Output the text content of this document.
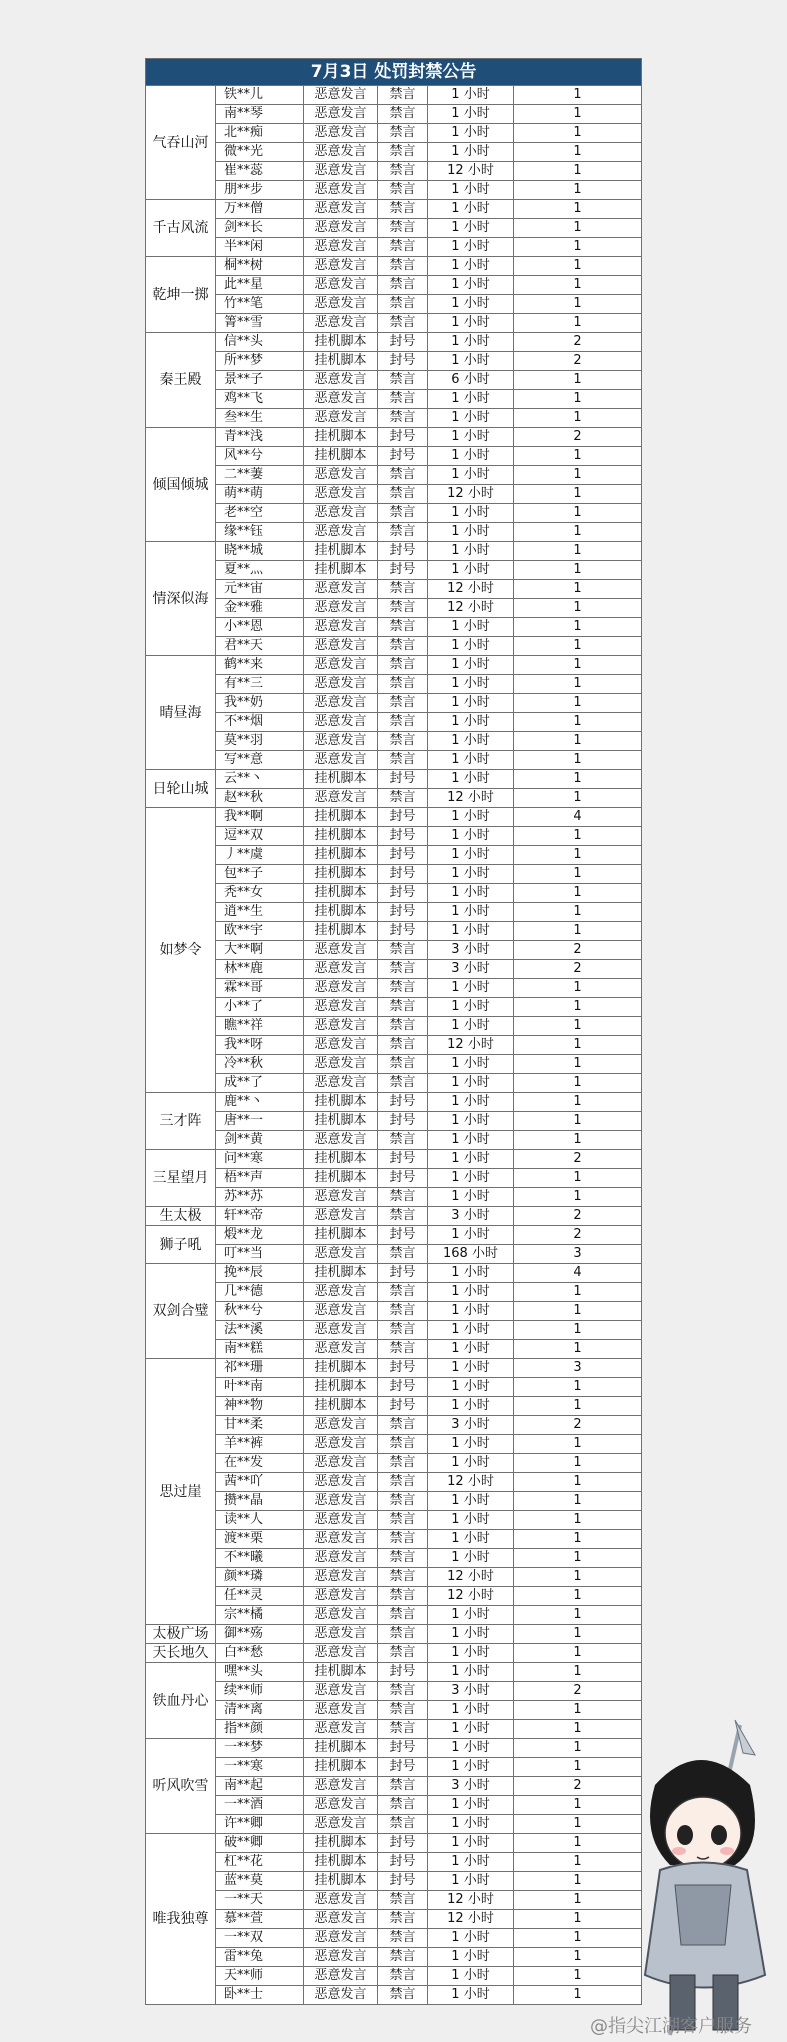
7月3日 处罚封禁公告					
气吞山河	铁**儿	恶意发言	禁言	1 小时	1
	南**琴	恶意发言	禁言	1 小时	1
	北**痴	恶意发言	禁言	1 小时	1
	微**光	恶意发言	禁言	1 小时	1
	崔**蕊	恶意发言	禁言	12 小时	1
	朋**步	恶意发言	禁言	1 小时	1
千古风流	万**僧	恶意发言	禁言	1 小时	1
	剑**长	恶意发言	禁言	1 小时	1
	半**闲	恶意发言	禁言	1 小时	1
乾坤一掷	桐**树	恶意发言	禁言	1 小时	1
	此**星	恶意发言	禁言	1 小时	1
	竹**笔	恶意发言	禁言	1 小时	1
	箐**雪	恶意发言	禁言	1 小时	1
秦王殿	信**头	挂机脚本	封号	1 小时	2
	所**梦	挂机脚本	封号	1 小时	2
	景**子	恶意发言	禁言	6 小时	1
	鸡**飞	恶意发言	禁言	1 小时	1
	叁**生	恶意发言	禁言	1 小时	1
倾国倾城	青**浅	挂机脚本	封号	1 小时	2
	风**兮	挂机脚本	封号	1 小时	1
	二**萋	恶意发言	禁言	1 小时	1
	萌**萌	恶意发言	禁言	12 小时	1
	老**空	恶意发言	禁言	1 小时	1
	缘**钰	恶意发言	禁言	1 小时	1
情深似海	晓**城	挂机脚本	封号	1 小时	1
	夏**灬	挂机脚本	封号	1 小时	1
	元**宙	恶意发言	禁言	12 小时	1
	金**雅	恶意发言	禁言	12 小时	1
	小**恩	恶意发言	禁言	1 小时	1
	君**天	恶意发言	禁言	1 小时	1
晴昼海	鹤**来	恶意发言	禁言	1 小时	1
	有**三	恶意发言	禁言	1 小时	1
	我**奶	恶意发言	禁言	1 小时	1
	不**烟	恶意发言	禁言	1 小时	1
	莫**羽	恶意发言	禁言	1 小时	1
	写**意	恶意发言	禁言	1 小时	1
日轮山城	云**丶	挂机脚本	封号	1 小时	1
	赵**秋	恶意发言	禁言	12 小时	1
如梦令	我**啊	挂机脚本	封号	1 小时	4
	逗**双	挂机脚本	封号	1 小时	1
	丿**虞	挂机脚本	封号	1 小时	1
	包**子	挂机脚本	封号	1 小时	1
	秃**女	挂机脚本	封号	1 小时	1
	逍**生	挂机脚本	封号	1 小时	1
	欧**宇	挂机脚本	封号	1 小时	1
	大**啊	恶意发言	禁言	3 小时	2
	林**鹿	恶意发言	禁言	3 小时	2
	霖**哥	恶意发言	禁言	1 小时	1
	小**了	恶意发言	禁言	1 小时	1
	瞧**祥	恶意发言	禁言	1 小时	1
	我**呀	恶意发言	禁言	12 小时	1
	冷**秋	恶意发言	禁言	1 小时	1
	成**了	恶意发言	禁言	1 小时	1
三才阵	鹿**丶	挂机脚本	封号	1 小时	1
	唐**一	挂机脚本	封号	1 小时	1
	剑**黄	恶意发言	禁言	1 小时	1
三星望月	问**寒	挂机脚本	封号	1 小时	2
	梧**声	挂机脚本	封号	1 小时	1
	苏**苏	恶意发言	禁言	1 小时	1
生太极	轩**帝	恶意发言	禁言	3 小时	2
狮子吼	煅**龙	挂机脚本	封号	1 小时	2
	叮**当	恶意发言	禁言	168 小时	3
双剑合璧	挽**辰	挂机脚本	封号	1 小时	4
	几**德	恶意发言	禁言	1 小时	1
	秋**兮	恶意发言	禁言	1 小时	1
	法**溪	恶意发言	禁言	1 小时	1
	南**糕	恶意发言	禁言	1 小时	1
思过崖	祁**珊	挂机脚本	封号	1 小时	3
	叶**南	挂机脚本	封号	1 小时	1
	神**物	挂机脚本	封号	1 小时	1
	甘**柔	恶意发言	禁言	3 小时	2
	羊**裤	恶意发言	禁言	1 小时	1
	在**发	恶意发言	禁言	1 小时	1
	茜**吖	恶意发言	禁言	12 小时	1
	攒**晶	恶意发言	禁言	1 小时	1
	读**人	恶意发言	禁言	1 小时	1
	渡**栗	恶意发言	禁言	1 小时	1
	不**曦	恶意发言	禁言	1 小时	1
	颜**璘	恶意发言	禁言	12 小时	1
	任**灵	恶意发言	禁言	12 小时	1
	宗**橘	恶意发言	禁言	1 小时	1
太极广场	御**殇	恶意发言	禁言	1 小时	1
天长地久	白**愁	恶意发言	禁言	1 小时	1
铁血丹心	嘿**头	挂机脚本	封号	1 小时	1
	续**师	恶意发言	禁言	3 小时	2
	清**离	恶意发言	禁言	1 小时	1
	指**颜	恶意发言	禁言	1 小时	1
听风吹雪	一**梦	挂机脚本	封号	1 小时	1
	一**寒	挂机脚本	封号	1 小时	1
	南**起	恶意发言	禁言	3 小时	2
	一**酒	恶意发言	禁言	1 小时	1
	许**卿	恶意发言	禁言	1 小时	1
唯我独尊	破**卿	挂机脚本	封号	1 小时	1
	杠**花	挂机脚本	封号	1 小时	1
	蓝**莫	挂机脚本	封号	1 小时	1
	一**天	恶意发言	禁言	12 小时	1
	慕**萱	恶意发言	禁言	12 小时	1
	一**双	恶意发言	禁言	1 小时	1
	雷**兔	恶意发言	禁言	1 小时	1
	天**师	恶意发言	禁言	1 小时	1
	卧**士	恶意发言	禁言	1 小时	1
@指尖江湖客户服务
